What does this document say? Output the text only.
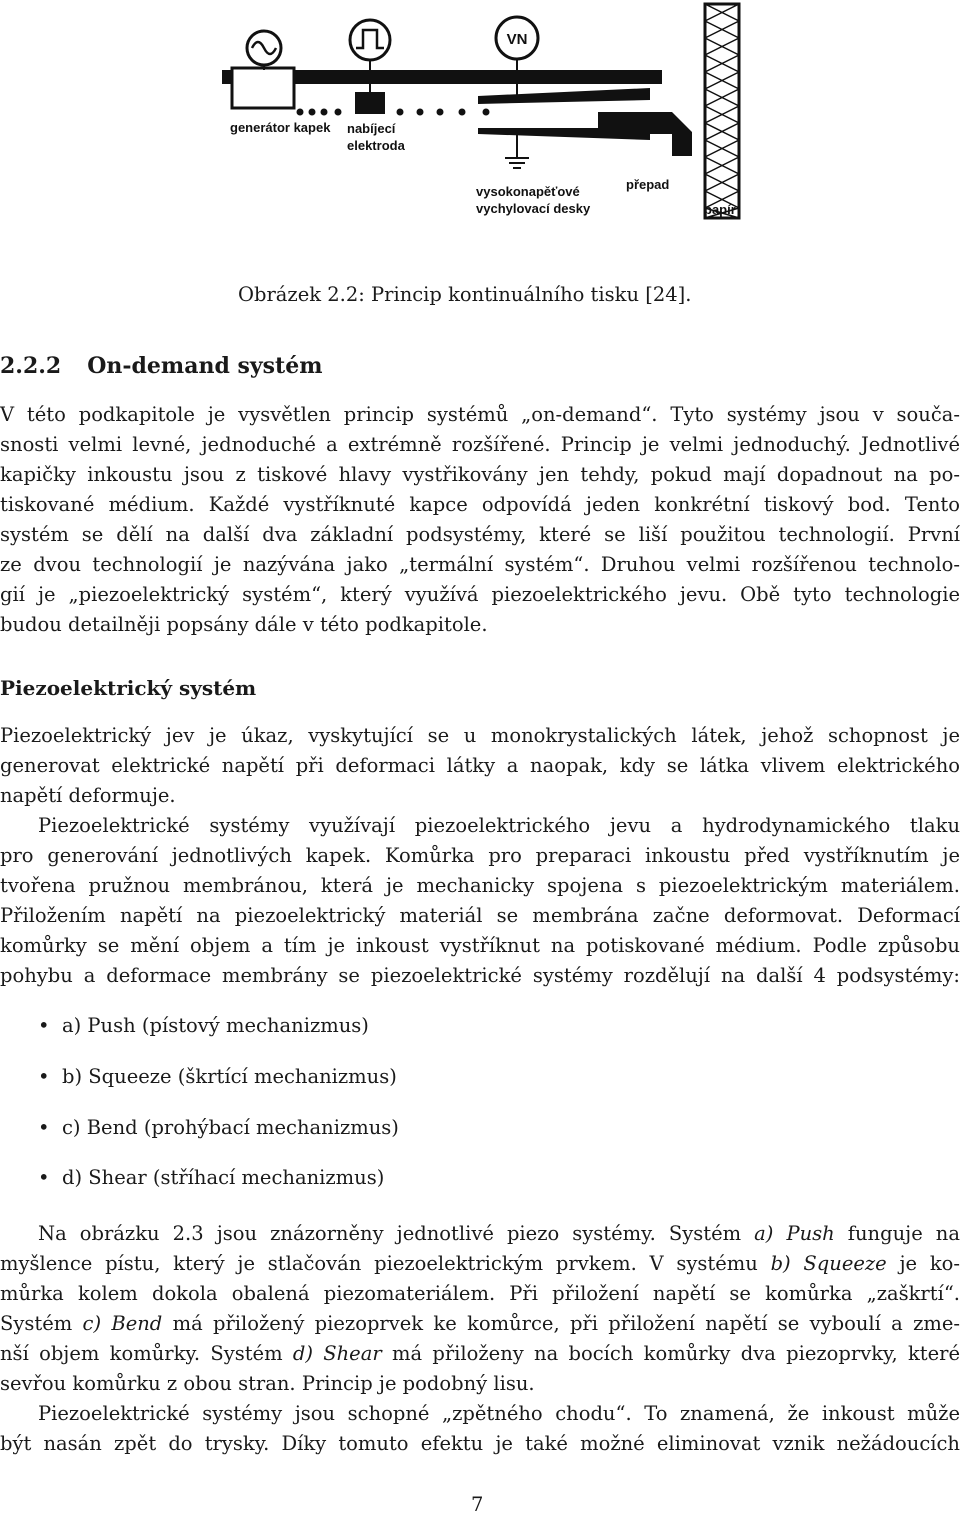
VN
generátor kapek nabíjecí
elektroda
vysokonapěťové
vychylovací desky
přepad
papír
Obrázek 2.2: Princip kontinuálního tisku [24].
2.2.2 On-demand systém
V této podkapitole je vysvětlen princip systémů „on-demand“. Tyto systémy jsou v souča-
snosti velmi levné, jednoduché a extrémně rozšířené. Princip je velmi jednoduchý. Jednotlivé
kapičky inkoustu jsou z tiskové hlavy vystřikovány jen tehdy, pokud mají dopadnout na po-
tiskované médium. Každé vystříknuté kapce odpovídá jeden konkrétní tiskový bod. Tento
systém se dělí na další dva základní podsystémy, které se liší použitou technologií. První
ze dvou technologií je nazývána jako „termální systém“. Druhou velmi rozšířenou technolo-
gií je „piezoelektrický systém“, který využívá piezoelektrického jevu. Obě tyto technologie
budou detailněji popsány dále v této podkapitole.
Piezoelektrický systém
Piezoelektrický jev je úkaz, vyskytující se u monokrystalických látek, jehož schopnost je
generovat elektrické napětí při deformaci látky a naopak, kdy se látka vlivem elektrického
napětí deformuje.
Piezoelektrické systémy využívají piezoelektrického jevu a hydrodynamického tlaku
pro generování jednotlivých kapek. Komůrka pro preparaci inkoustu před vystříknutím je
tvořena pružnou membránou, která je mechanicky spojena s piezoelektrickým materiálem.
Přiložením napětí na piezoelektrický materiál se membrána začne deformovat. Deformací
komůrky se mění objem a tím je inkoust vystříknut na potiskované médium. Podle způsobu
pohybu a deformace membrány se piezoelektrické systémy rozdělují na další 4 podsystémy:
• a) Push (pístový mechanizmus)
• b) Squeeze (škrtící mechanizmus)
• c) Bend (prohýbací mechanizmus)
• d) Shear (stříhací mechanizmus)
Na obrázku 2.3 jsou znázorněny jednotlivé piezo systémy. Systém a) Push funguje na
myšlence pístu, který je stlačován piezoelektrickým prvkem. V systému b) Squeeze je ko-
můrka kolem dokola obalená piezomateriálem. Při přiložení napětí se komůrka „zaškrtí“.
Systém c) Bend má přiložený piezoprvek ke komůrce, při přiložení napětí se vyboulí a zme-
nší objem komůrky. Systém d) Shear má přiloženy na bocích komůrky dva piezoprvky, které
sevřou komůrku z obou stran. Princip je podobný lisu.
Piezoelektrické systémy jsou schopné „zpětného chodu“. To znamená, že inkoust může
být nasán zpět do trysky. Díky tomuto efektu je také možné eliminovat vznik nežádoucích
7
